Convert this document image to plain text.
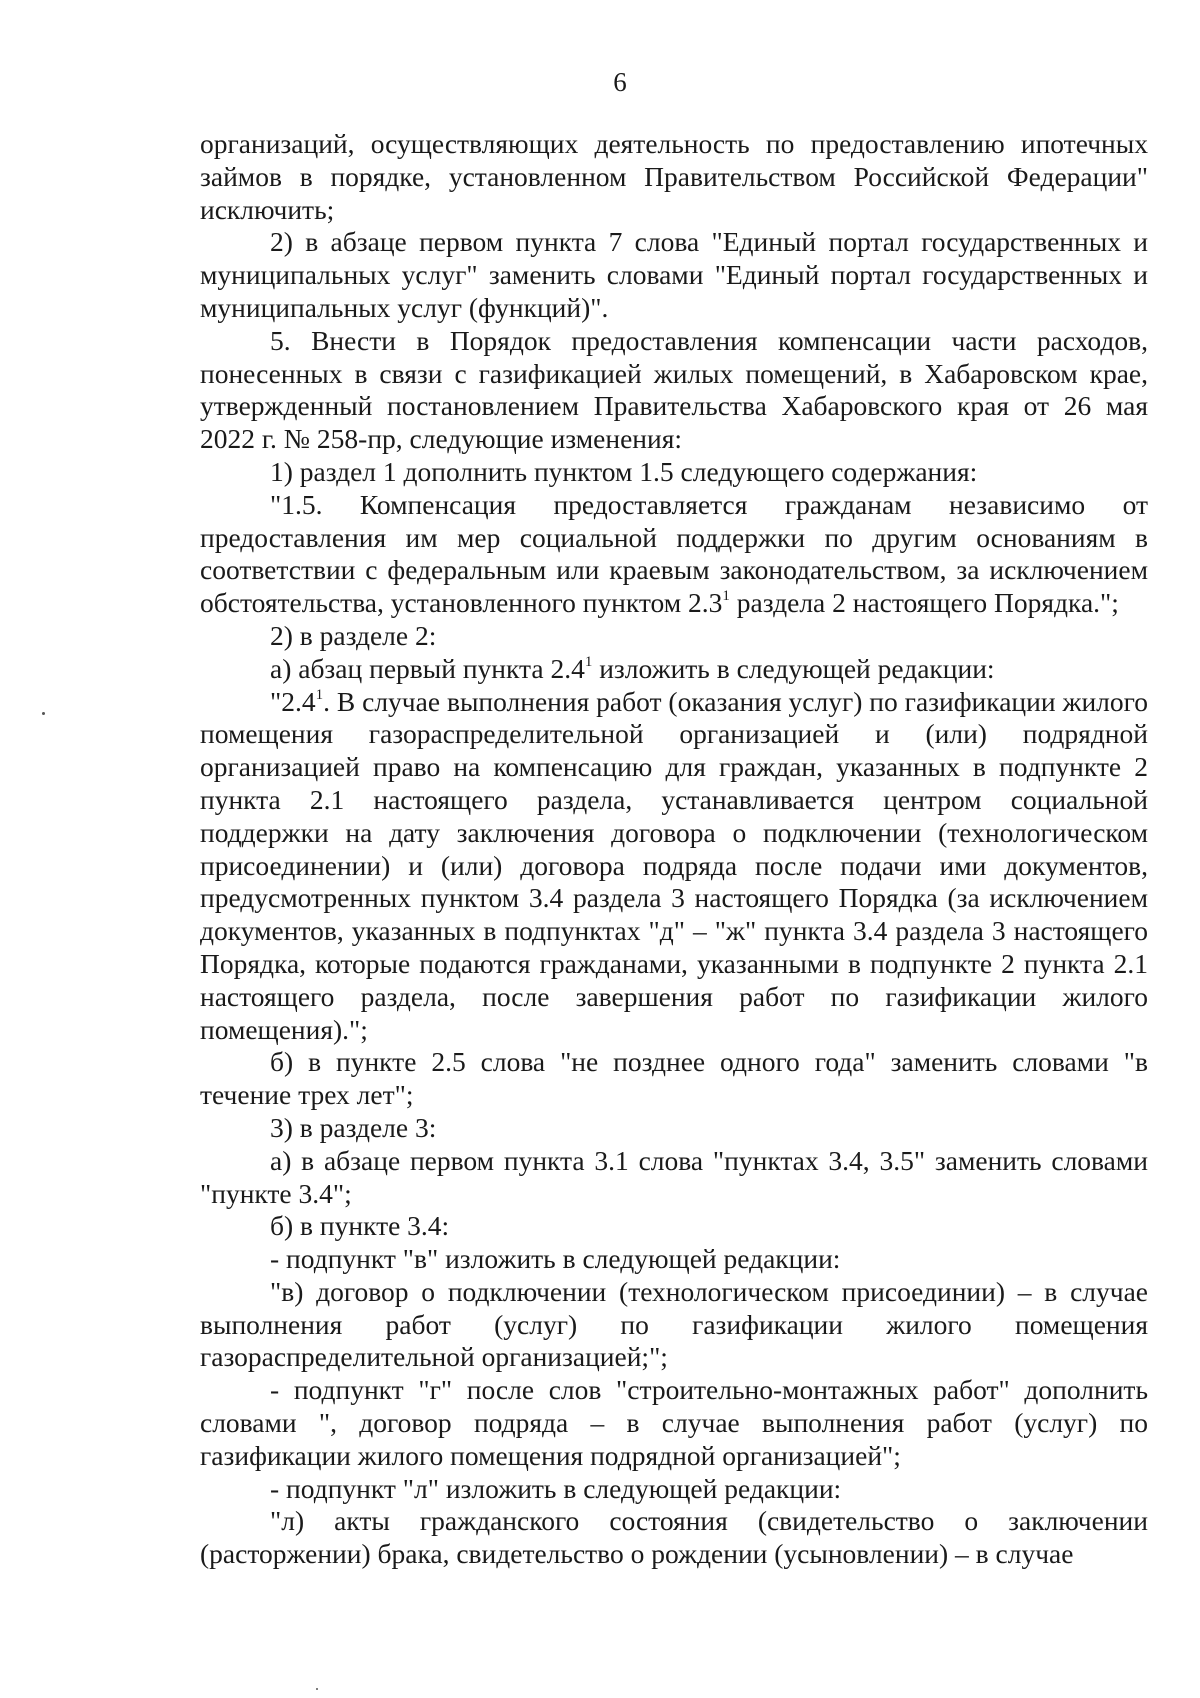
6

организаций, осуществляющих деятельность по предоставлению ипотечных займов в порядке, установленном Правительством Российской Федерации" исключить;

2) в абзаце первом пункта 7 слова "Единый портал государственных и муниципальных услуг" заменить словами "Единый портал государственных и муниципальных услуг (функций)".

5. Внести в Порядок предоставления компенсации части расходов, понесенных в связи с газификацией жилых помещений, в Хабаровском крае, утвержденный постановлением Правительства Хабаровского края от 26 мая 2022 г. № 258-пр, следующие изменения:

1) раздел 1 дополнить пунктом 1.5 следующего содержания:

"1.5. Компенсация предоставляется гражданам независимо от предоставления им мер социальной поддержки по другим основаниям в соответствии с федеральным или краевым законодательством, за исключением обстоятельства, установленного пунктом $2.3^1$ раздела 2 настоящего Порядка.";

2) в разделе 2:

а) абзац первый пункта $2.4^1$ изложить в следующей редакции:

"$2.4^1$. В случае выполнения работ (оказания услуг) по газификации жилого помещения газораспределительной организацией и (или) подрядной организацией право на компенсацию для граждан, указанных в подпункте 2 пункта 2.1 настоящего раздела, устанавливается центром социальной поддержки на дату заключения договора о подключении (технологическом присоединении) и (или) договора подряда после подачи ими документов, предусмотренных пунктом 3.4 раздела 3 настоящего Порядка (за исключением документов, указанных в подпунктах "д" – "ж" пункта 3.4 раздела 3 настоящего Порядка, которые подаются гражданами, указанными в подпункте 2 пункта 2.1 настоящего раздела, после завершения работ по газификации жилого помещения).";

б) в пункте 2.5 слова "не позднее одного года" заменить словами "в течение трех лет";

3) в разделе 3:

а) в абзаце первом пункта 3.1 слова "пунктах 3.4, 3.5" заменить словами "пункте 3.4";

б) в пункте 3.4:

- подпункт "в" изложить в следующей редакции:

"в) договор о подключении (технологическом присоединии) – в случае выполнения работ (услуг) по газификации жилого помещения газораспределительной организацией;";

- подпункт "г" после слов "строительно-монтажных работ" дополнить словами ", договор подряда – в случае выполнения работ (услуг) по газификации жилого помещения подрядной организацией";

- подпункт "л" изложить в следующей редакции:

"л) акты гражданского состояния (свидетельство о заключении (расторжении) брака, свидетельство о рождении (усыновлении) – в случае
